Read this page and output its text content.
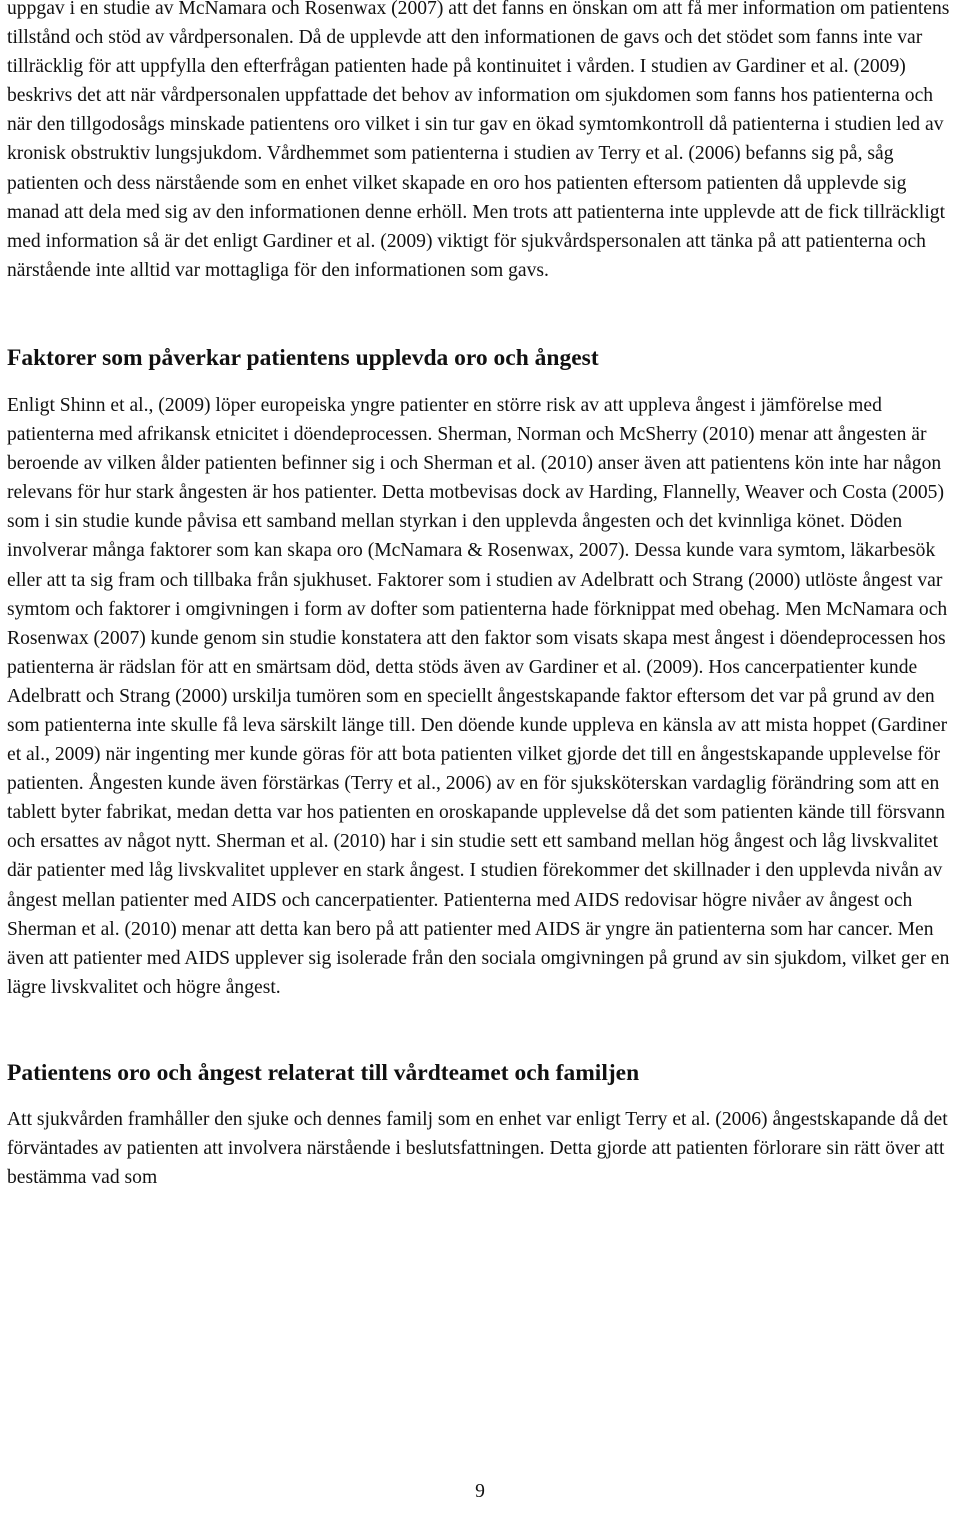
uppgav i en studie av McNamara och Rosenwax (2007) att det fanns en önskan om att få mer information om patientens tillstånd och stöd av vårdpersonalen. Då de upplevde att den informationen de gavs och det stödet som fanns inte var tillräcklig för att uppfylla den efterfrågan patienten hade på kontinuitet i vården. I studien av Gardiner et al. (2009) beskrivs det att när vårdpersonalen uppfattade det behov av information om sjukdomen som fanns hos patienterna och när den tillgodosågs minskade patientens oro vilket i sin tur gav en ökad symtomkontroll då patienterna i studien led av kronisk obstruktiv lungsjukdom. Vårdhemmet som patienterna i studien av Terry et al. (2006) befanns sig på, såg patienten och dess närstående som en enhet vilket skapade en oro hos patienten eftersom patienten då upplevde sig manad att dela med sig av den informationen denne erhöll. Men trots att patienterna inte upplevde att de fick tillräckligt med information så är det enligt Gardiner et al. (2009) viktigt för sjukvårdspersonalen att tänka på att patienterna och närstående inte alltid var mottagliga för den informationen som gavs.

Faktorer som påverkar patientens upplevda oro och ångest

Enligt Shinn et al., (2009) löper europeiska yngre patienter en större risk av att uppleva ångest i jämförelse med patienterna med afrikansk etnicitet i döendeprocessen. Sherman, Norman och McSherry (2010) menar att ångesten är beroende av vilken ålder patienten befinner sig i och Sherman et al. (2010) anser även att patientens kön inte har någon relevans för hur stark ångesten är hos patienter. Detta motbevisas dock av Harding, Flannelly, Weaver och Costa (2005) som i sin studie kunde påvisa ett samband mellan styrkan i den upplevda ångesten och det kvinnliga könet. Döden involverar många faktorer som kan skapa oro (McNamara & Rosenwax, 2007). Dessa kunde vara symtom, läkarbesök eller att ta sig fram och tillbaka från sjukhuset. Faktorer som i studien av Adelbratt och Strang (2000) utlöste ångest var symtom och faktorer i omgivningen i form av dofter som patienterna hade förknippat med obehag. Men McNamara och Rosenwax (2007) kunde genom sin studie konstatera att den faktor som visats skapa mest ångest i döendeprocessen hos patienterna är rädslan för att en smärtsam död, detta stöds även av Gardiner et al. (2009). Hos cancerpatienter kunde Adelbratt och Strang (2000) urskilja tumören som en speciellt ångestskapande faktor eftersom det var på grund av den som patienterna inte skulle få leva särskilt länge till. Den döende kunde uppleva en känsla av att mista hoppet (Gardiner et al., 2009) när ingenting mer kunde göras för att bota patienten vilket gjorde det till en ångestskapande upplevelse för patienten. Ångesten kunde även förstärkas (Terry et al., 2006) av en för sjuksköterskan vardaglig förändring som att en tablett byter fabrikat, medan detta var hos patienten en oroskapande upplevelse då det som patienten kände till försvann och ersattes av något nytt. Sherman et al. (2010) har i sin studie sett ett samband mellan hög ångest och låg livskvalitet där patienter med låg livskvalitet upplever en stark ångest. I studien förekommer det skillnader i den upplevda nivån av ångest mellan patienter med AIDS och cancerpatienter. Patienterna med AIDS redovisar högre nivåer av ångest och Sherman et al. (2010) menar att detta kan bero på att patienter med AIDS är yngre än patienterna som har cancer. Men även att patienter med AIDS upplever sig isolerade från den sociala omgivningen på grund av sin sjukdom, vilket ger en lägre livskvalitet och högre ångest.

Patientens oro och ångest relaterat till vårdteamet och familjen

Att sjukvården framhåller den sjuke och dennes familj som en enhet var enligt Terry et al. (2006) ångestskapande då det förväntades av patienten att involvera närstående i beslutsfattningen. Detta gjorde att patienten förlorare sin rätt över att bestämma vad som

9
